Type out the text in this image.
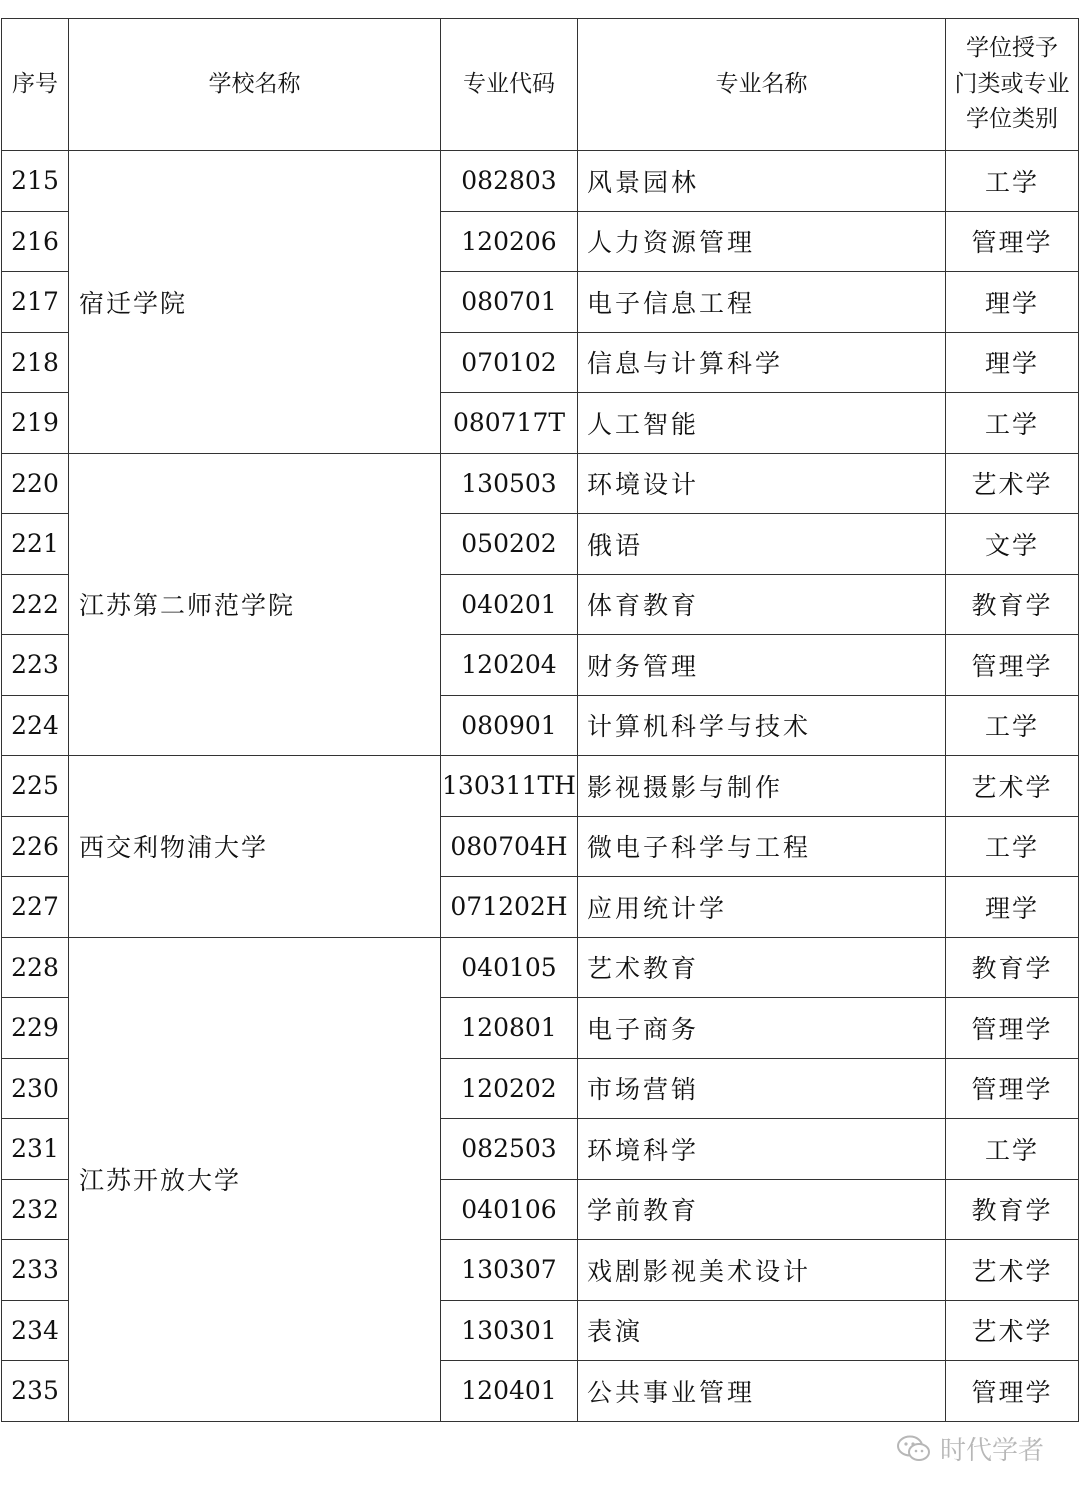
序号	学校名称	专业代码	专业名称	学位授予
门类或专业
学位类别

215	宿迁学院	082803	风景园林	工学
216		120206	人力资源管理	管理学
217		080701	电子信息工程	理学
218		070102	信息与计算科学	理学
219		080717T	人工智能	工学
220	江苏第二师范学院	130503	环境设计	艺术学
221		050202	俄语	文学
222		040201	体育教育	教育学
223		120204	财务管理	管理学
224		080901	计算机科学与技术	工学
225	西交利物浦大学	130311TH	影视摄影与制作	艺术学
226		080704H	微电子科学与工程	工学
227		071202H	应用统计学	理学
228	江苏开放大学	040105	艺术教育	教育学
229		120801	电子商务	管理学
230		120202	市场营销	管理学
231		082503	环境科学	工学
232		040106	学前教育	教育学
233		130307	戏剧影视美术设计	艺术学
234		130301	表演	艺术学
235		120401	公共事业管理	管理学
时代学者
